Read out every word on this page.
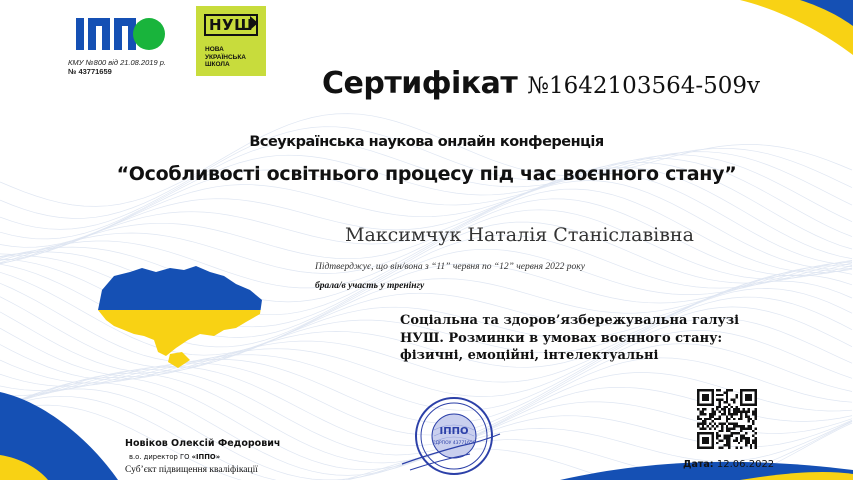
ІППО
КМУ №800 від 21.08.2019 р.
№ 43771659
НУШ
НОВА
УКРАЇНСЬКА
ШКОЛА
Сертифікат №1642103564-509v
Всеукраїнська наукова онлайн конференція
“Особливості освітнього процесу під час воєнного стану”
Максимчук Наталія Станіславівна
Підтверджує, що він/вона з “11” червня по “12” червня 2022 року
брала/в участь у тренінгу
Соціальна та здоров’язбережувальна галузі
НУШ. Розминки в умовах воєнного стану:
фізичні, емоційні, інтелектуальні
ІППО
ЄДРПОУ 43771659
Новіков Олексій Федорович
в.о. директор ГО «ІППО»
Суб’єкт підвищення кваліфікації	Дата: 12.06.2022
